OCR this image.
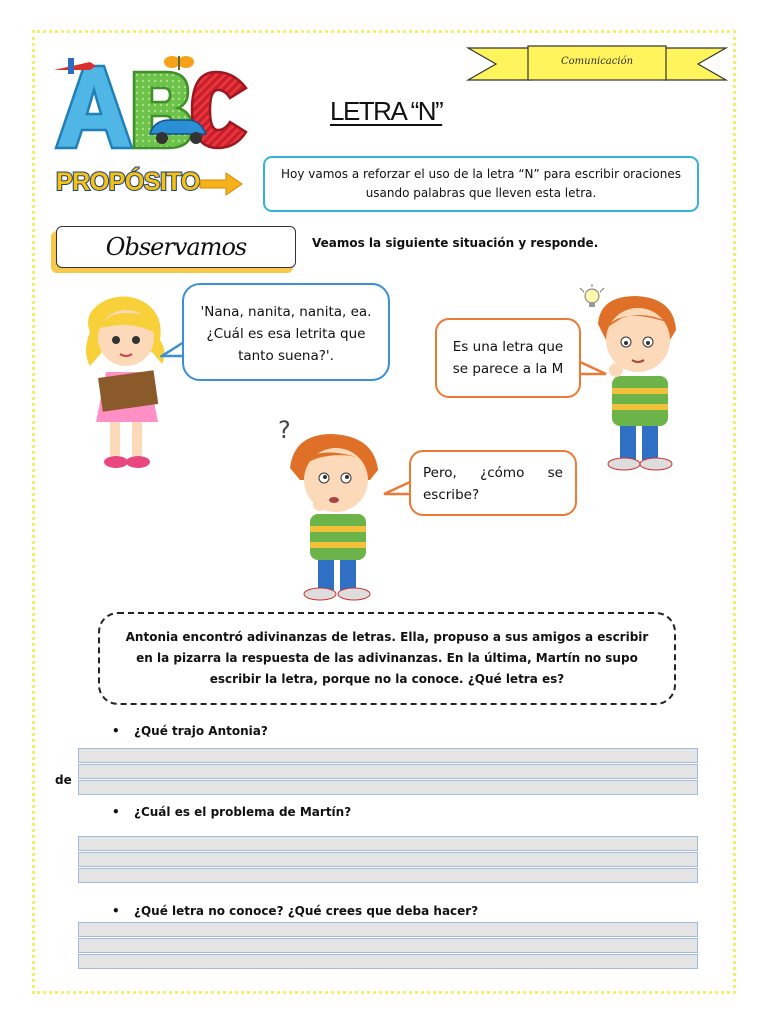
Comunicación
LETRA “N”
PROPÓSITO	Hoy vamos a reforzar el uso de la letra “N” para escribir oraciones usando palabras que lleven esta letra.
Observamos	Veamos la siguiente situación y responde.
'Nana, nanita, nanita, ea.
¿Cuál es esa letrita que
tanto suena?'.
Es una letra que
se parece a la M
?
Pero, ¿cómo se
escribe?
Antonia encontró adivinanzas de letras. Ella, propuso a sus amigos a escribir en la pizarra la respuesta de las adivinanzas. En la última, Martín no supo escribir la letra, porque no la conoce. ¿Qué letra es?
• ¿Qué trajo Antonia?
de
• ¿Cuál es el problema de Martín?
• ¿Qué letra no conoce? ¿Qué crees que deba hacer?
